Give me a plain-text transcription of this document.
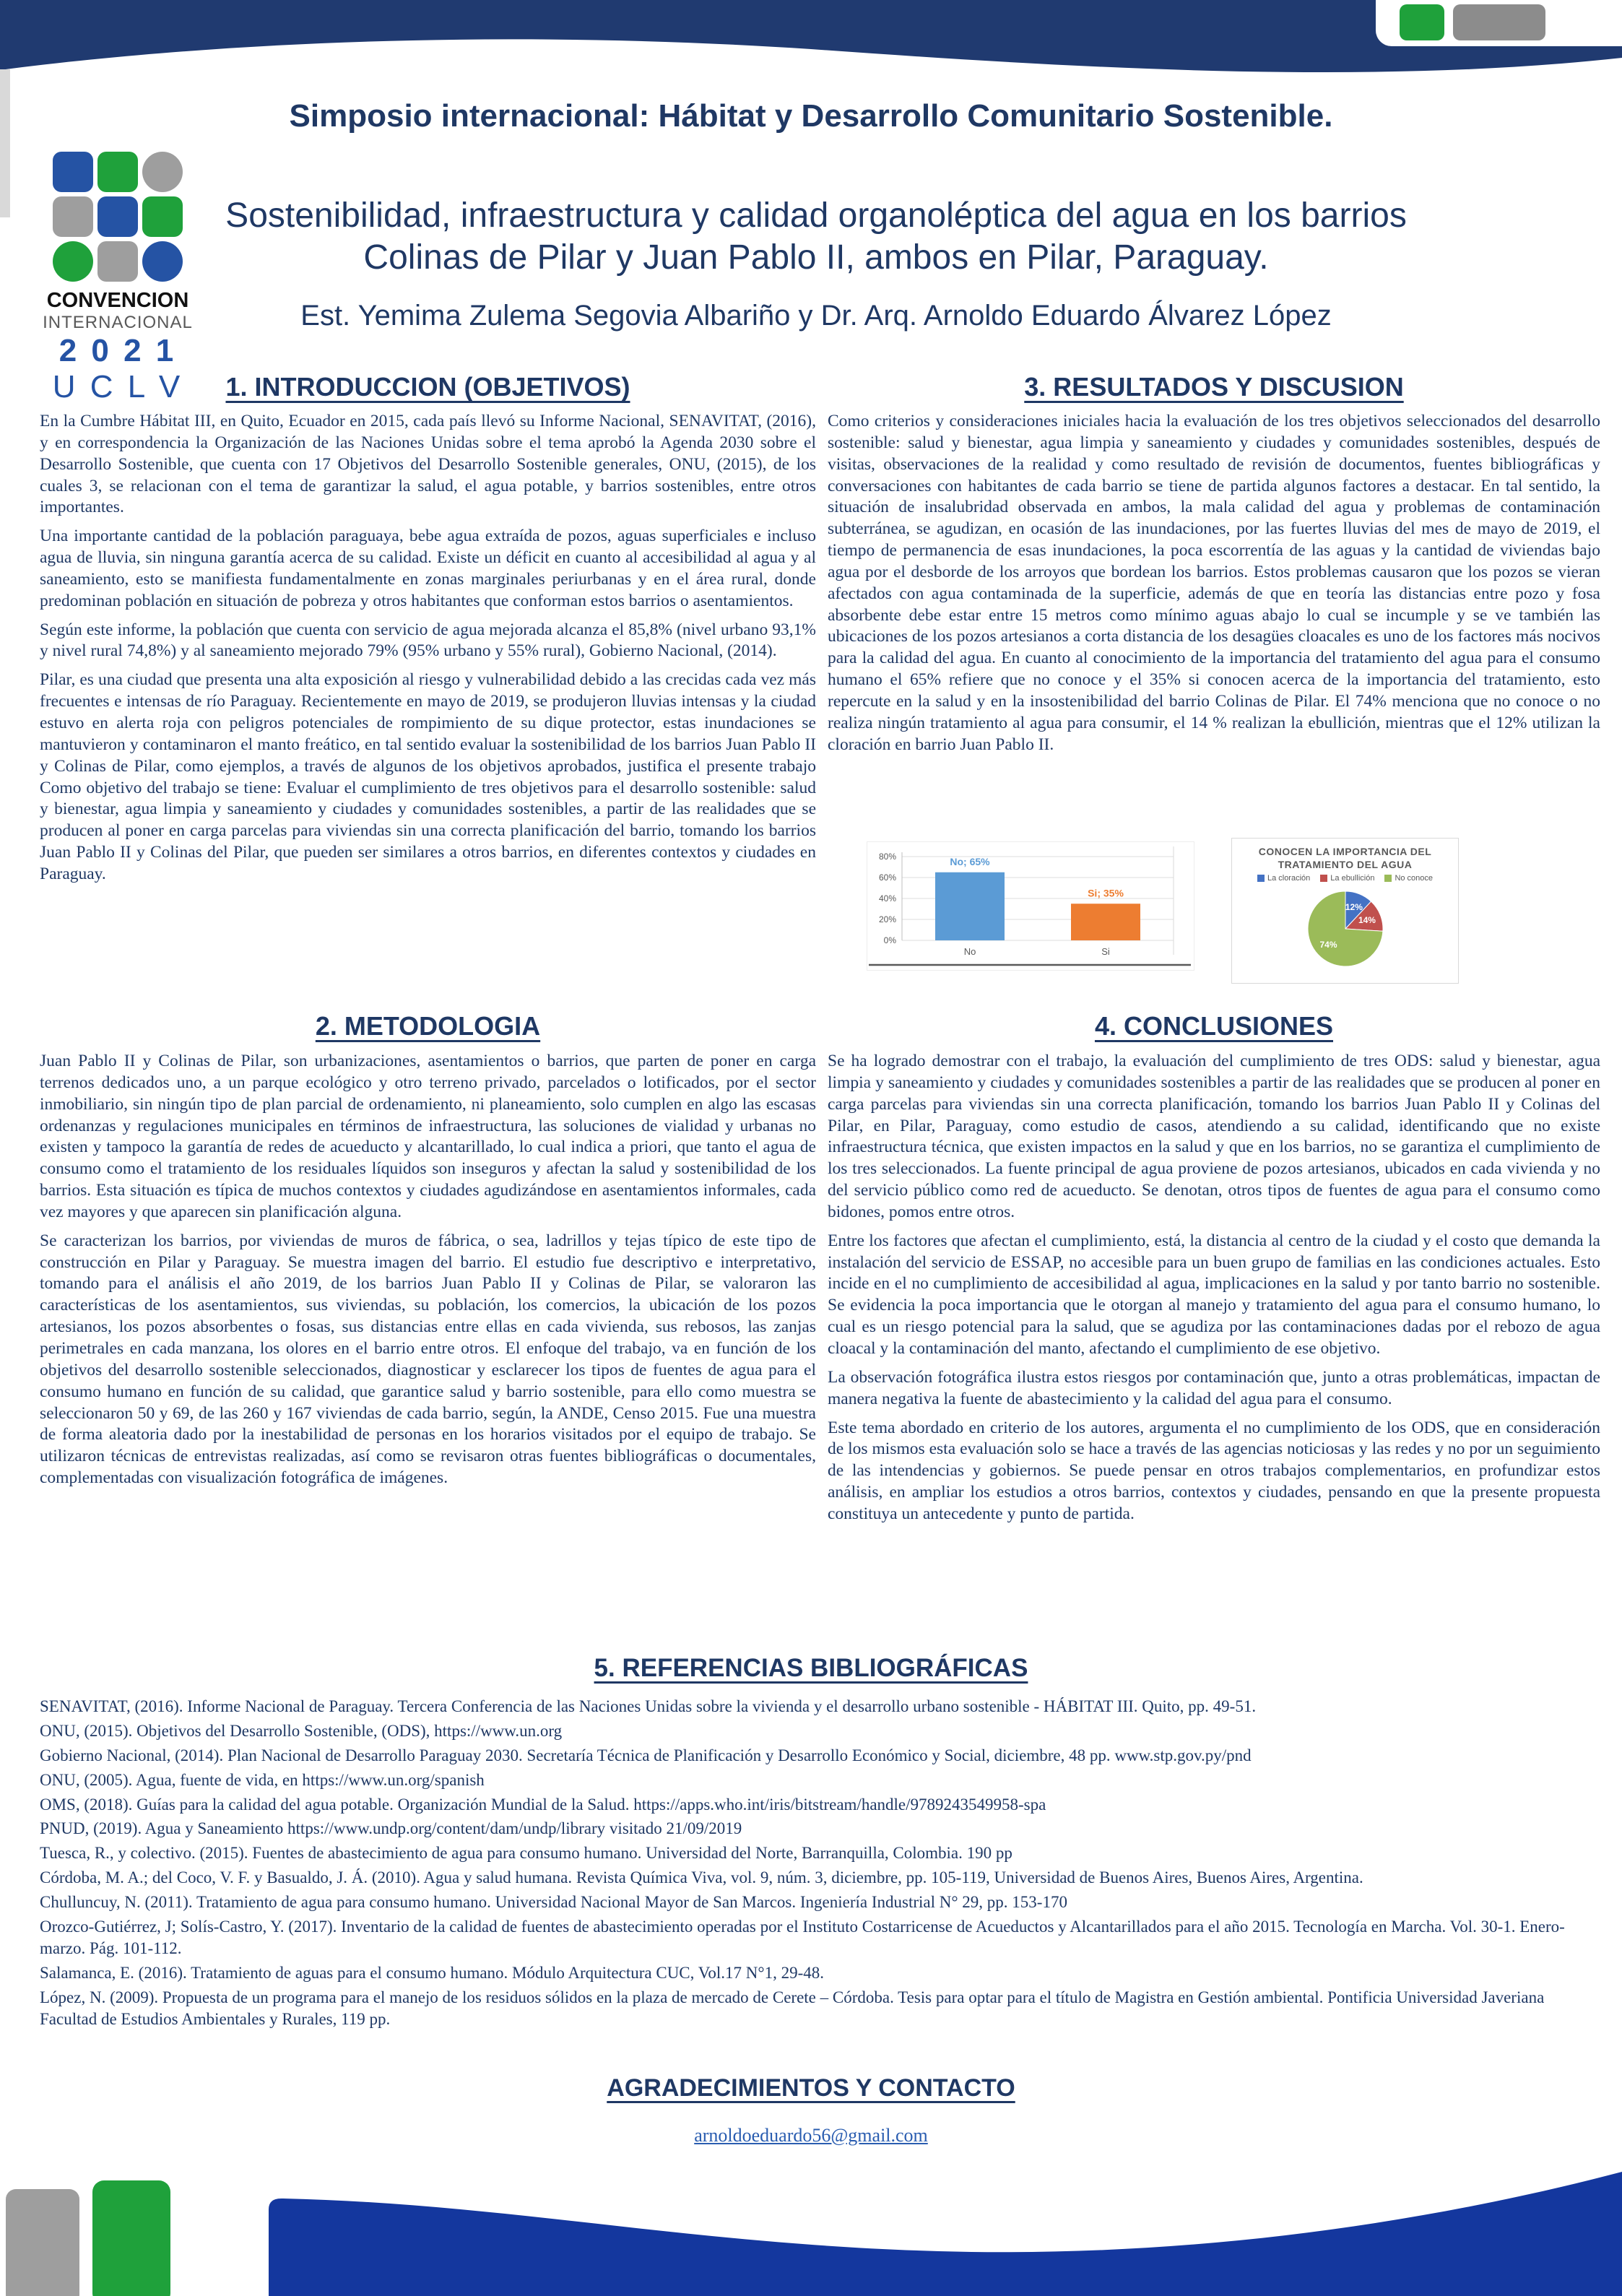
Simposio internacional: Hábitat y Desarrollo Comunitario Sostenible.
Sostenibilidad, infraestructura y calidad organoléptica del agua en los barrios Colinas de Pilar y Juan Pablo II, ambos en Pilar, Paraguay.
Est. Yemima Zulema Segovia Albariño y Dr. Arq. Arnoldo Eduardo Álvarez López
CONVENCION
INTERNACIONAL
2 0 2 1
U C L V	1. INTRODUCCION (OBJETIVOS)

En la Cumbre Hábitat III, en Quito, Ecuador en 2015, cada país llevó su Informe Nacional, SENAVITAT, (2016), y en correspondencia la Organización de las Naciones Unidas sobre el tema aprobó la Agenda 2030 sobre el Desarrollo Sostenible, que cuenta con 17 Objetivos del Desarrollo Sostenible generales, ONU, (2015), de los cuales 3, se relacionan con el tema de garantizar la salud, el agua potable, y barrios sostenibles, entre otros importantes.

Una importante cantidad de la población paraguaya, bebe agua extraída de pozos, aguas superficiales e incluso agua de lluvia, sin ninguna garantía acerca de su calidad. Existe un déficit en cuanto al accesibilidad al agua y al saneamiento, esto se manifiesta fundamentalmente en zonas marginales periurbanas y en el área rural, donde predominan población en situación de pobreza y otros habitantes que conforman estos barrios o asentamientos.

Según este informe, la población que cuenta con servicio de agua mejorada alcanza el 85,8% (nivel urbano 93,1% y nivel rural 74,8%) y al saneamiento mejorado 79% (95% urbano y 55% rural), Gobierno Nacional, (2014).

Pilar, es una ciudad que presenta una alta exposición al riesgo y vulnerabilidad debido a las crecidas cada vez más frecuentes e intensas de río Paraguay. Recientemente en mayo de 2019, se produjeron lluvias intensas y la ciudad estuvo en alerta roja con peligros potenciales de rompimiento de su dique protector, estas inundaciones se mantuvieron y contaminaron el manto freático, en tal sentido evaluar la sostenibilidad de los barrios Juan Pablo II y Colinas de Pilar, como ejemplos, a través de algunos de los objetivos aprobados, justifica el presente trabajo Como objetivo del trabajo se tiene: Evaluar el cumplimiento de tres objetivos para el desarrollo sostenible: salud y bienestar, agua limpia y saneamiento y ciudades y comunidades sostenibles, a partir de las realidades que se producen al poner en carga parcelas para viviendas sin una correcta planificación del barrio, tomando los barrios Juan Pablo II y Colinas del Pilar, que pueden ser similares a otros barrios, en diferentes contextos y ciudades en Paraguay.

2. METODOLOGIA

Juan Pablo II y Colinas de Pilar, son urbanizaciones, asentamientos o barrios, que parten de poner en carga terrenos dedicados uno, a un parque ecológico y otro terreno privado, parcelados o lotificados, por el sector inmobiliario, sin ningún tipo de plan parcial de ordenamiento, ni planeamiento, solo cumplen en algo las escasas ordenanzas y regulaciones municipales en términos de infraestructura, las soluciones de vialidad y urbanas no existen y tampoco la garantía de redes de acueducto y alcantarillado, lo cual indica a priori, que tanto el agua de consumo como el tratamiento de los residuales líquidos son inseguros y afectan la salud y sostenibilidad de los barrios. Esta situación es típica de muchos contextos y ciudades agudizándose en asentamientos informales, cada vez mayores y que aparecen sin planificación alguna.

Se caracterizan los barrios, por viviendas de muros de fábrica, o sea, ladrillos y tejas típico de este tipo de construcción en Pilar y Paraguay. Se muestra imagen del barrio. El estudio fue descriptivo e interpretativo, tomando para el análisis el año 2019, de los barrios Juan Pablo II y Colinas de Pilar, se valoraron las características de los asentamientos, sus viviendas, su población, los comercios, la ubicación de los pozos artesianos, los pozos absorbentes o fosas, sus distancias entre ellas en cada vivienda, sus rebosos, las zanjas perimetrales en cada manzana, los olores en el barrio entre otros. El enfoque del trabajo, va en función de los objetivos del desarrollo sostenible seleccionados, diagnosticar y esclarecer los tipos de fuentes de agua para el consumo humano en función de su calidad, que garantice salud y barrio sostenible, para ello como muestra se seleccionaron 50 y 69, de las 260 y 167 viviendas de cada barrio, según, la ANDE, Censo 2015. Fue una muestra de forma aleatoria dado por la inestabilidad de personas en los horarios visitados por el equipo de trabajo. Se utilizaron técnicas de entrevistas realizadas, así como se revisaron otras fuentes bibliográficas o documentales, complementadas con visualización fotográfica de imágenes.

3. RESULTADOS Y DISCUSION

Como criterios y consideraciones iniciales hacia la evaluación de los tres objetivos seleccionados del desarrollo sostenible: salud y bienestar, agua limpia y saneamiento y ciudades y comunidades sostenibles, después de visitas, observaciones de la realidad y como resultado de revisión de documentos, fuentes bibliográficas y conversaciones con habitantes de cada barrio se tiene de partida algunos factores a destacar. En tal sentido, la situación de insalubridad observada en ambos, la mala calidad del agua y problemas de contaminación subterránea, se agudizan, en ocasión de las inundaciones, por las fuertes lluvias del mes de mayo de 2019, el tiempo de permanencia de esas inundaciones, la poca escorrentía de las aguas y la cantidad de viviendas bajo agua por el desborde de los arroyos que bordean los barrios. Estos problemas causaron que los pozos se vieran afectados con agua contaminada de la superficie, además de que en teoría las distancias entre pozo y fosa absorbente debe estar entre 15 metros como mínimo aguas abajo lo cual se incumple y se ve también las ubicaciones de los pozos artesianos a corta distancia de los desagües cloacales es uno de los factores más nocivos para la calidad del agua. En cuanto al conocimiento de la importancia del tratamiento del agua para el consumo humano el 65% refiere que no conoce y el 35% si conocen acerca de la importancia del tratamiento, esto repercute en la salud y en la insostenibilidad del barrio Colinas de Pilar. El 74% menciona que no conoce o no realiza ningún tratamiento al agua para consumir, el 14 % realizan la ebullición, mientras que el 12% utilizan la cloración en barrio Juan Pablo II.

0%
20%
40%
60%
80%	No; 65%
No
Si; 35%
Si
CONOCEN LA IMPORTANCIA DEL TRATAMIENTO DEL AGUA
La cloración	La ebullición	No conoce
12%
14%
74%
4. CONCLUSIONES

Se ha logrado demostrar con el trabajo, la evaluación del cumplimiento de tres ODS: salud y bienestar, agua limpia y saneamiento y ciudades y comunidades sostenibles a partir de las realidades que se producen al poner en carga parcelas para viviendas sin una correcta planificación, tomando los barrios Juan Pablo II y Colinas del Pilar, en Pilar, Paraguay, como estudio de casos, atendiendo a su calidad, identificando que no existe infraestructura técnica, que existen impactos en la salud y que en los barrios, no se garantiza el cumplimiento de los tres seleccionados. La fuente principal de agua proviene de pozos artesianos, ubicados en cada vivienda y no del servicio público como red de acueducto. Se denotan, otros tipos de fuentes de agua para el consumo como bidones, pomos entre otros.

Entre los factores que afectan el cumplimiento, está, la distancia al centro de la ciudad y el costo que demanda la instalación del servicio de ESSAP, no accesible para un buen grupo de familias en las condiciones actuales. Esto incide en el no cumplimiento de accesibilidad al agua, implicaciones en la salud y por tanto barrio no sostenible. Se evidencia la poca importancia que le otorgan al manejo y tratamiento del agua para el consumo humano, lo cual es un riesgo potencial para la salud, que se agudiza por las contaminaciones dadas por el rebozo de agua cloacal y la contaminación del manto, afectando el cumplimiento de ese objetivo.

La observación fotográfica ilustra estos riesgos por contaminación que, junto a otras problemáticas, impactan de manera negativa la fuente de abastecimiento y la calidad del agua para el consumo.

Este tema abordado en criterio de los autores, argumenta el no cumplimiento de los ODS, que en consideración de los mismos esta evaluación solo se hace a través de las agencias noticiosas y las redes y no por un seguimiento de las intendencias y gobiernos. Se puede pensar en otros trabajos complementarios, en profundizar estos análisis, en ampliar los estudios a otros barrios, contextos y ciudades, pensando en que la presente propuesta constituya un antecedente y punto de partida.

5. REFERENCIAS BIBLIOGRÁFICAS

SENAVITAT, (2016). Informe Nacional de Paraguay. Tercera Conferencia de las Naciones Unidas sobre la vivienda y el desarrollo urbano sostenible - HÁBITAT III. Quito, pp. 49-51.

ONU, (2015). Objetivos del Desarrollo Sostenible, (ODS), https://www.un.org

Gobierno Nacional, (2014). Plan Nacional de Desarrollo Paraguay 2030. Secretaría Técnica de Planificación y Desarrollo Económico y Social, diciembre, 48 pp. www.stp.gov.py/pnd

ONU, (2005). Agua, fuente de vida, en https://www.un.org/spanish

OMS, (2018). Guías para la calidad del agua potable. Organización Mundial de la Salud. https://apps.who.int/iris/bitstream/handle/9789243549958-spa

PNUD, (2019). Agua y Saneamiento https://www.undp.org/content/dam/undp/library visitado 21/09/2019

Tuesca, R., y colectivo. (2015). Fuentes de abastecimiento de agua para consumo humano. Universidad del Norte, Barranquilla, Colombia. 190 pp

Córdoba, M. A.; del Coco, V. F. y Basualdo, J. Á. (2010). Agua y salud humana. Revista Química Viva, vol. 9, núm. 3, diciembre, pp. 105-119, Universidad de Buenos Aires, Buenos Aires, Argentina.

Chulluncuy, N. (2011). Tratamiento de agua para consumo humano. Universidad Nacional Mayor de San Marcos. Ingeniería Industrial N° 29, pp. 153-170

Orozco-Gutiérrez, J; Solís-Castro, Y. (2017). Inventario de la calidad de fuentes de abastecimiento operadas por el Instituto Costarricense de Acueductos y Alcantarillados para el año 2015. Tecnología en Marcha. Vol. 30-1. Enero-marzo. Pág. 101-112.

Salamanca, E. (2016). Tratamiento de aguas para el consumo humano. Módulo Arquitectura CUC, Vol.17 N°1, 29-48.

López, N. (2009). Propuesta de un programa para el manejo de los residuos sólidos en la plaza de mercado de Cerete – Córdoba. Tesis para optar para el título de Magistra en Gestión ambiental. Pontificia Universidad Javeriana Facultad de Estudios Ambientales y Rurales, 119 pp.

AGRADECIMIENTOS Y CONTACTO
arnoldoeduardo56@gmail.com
